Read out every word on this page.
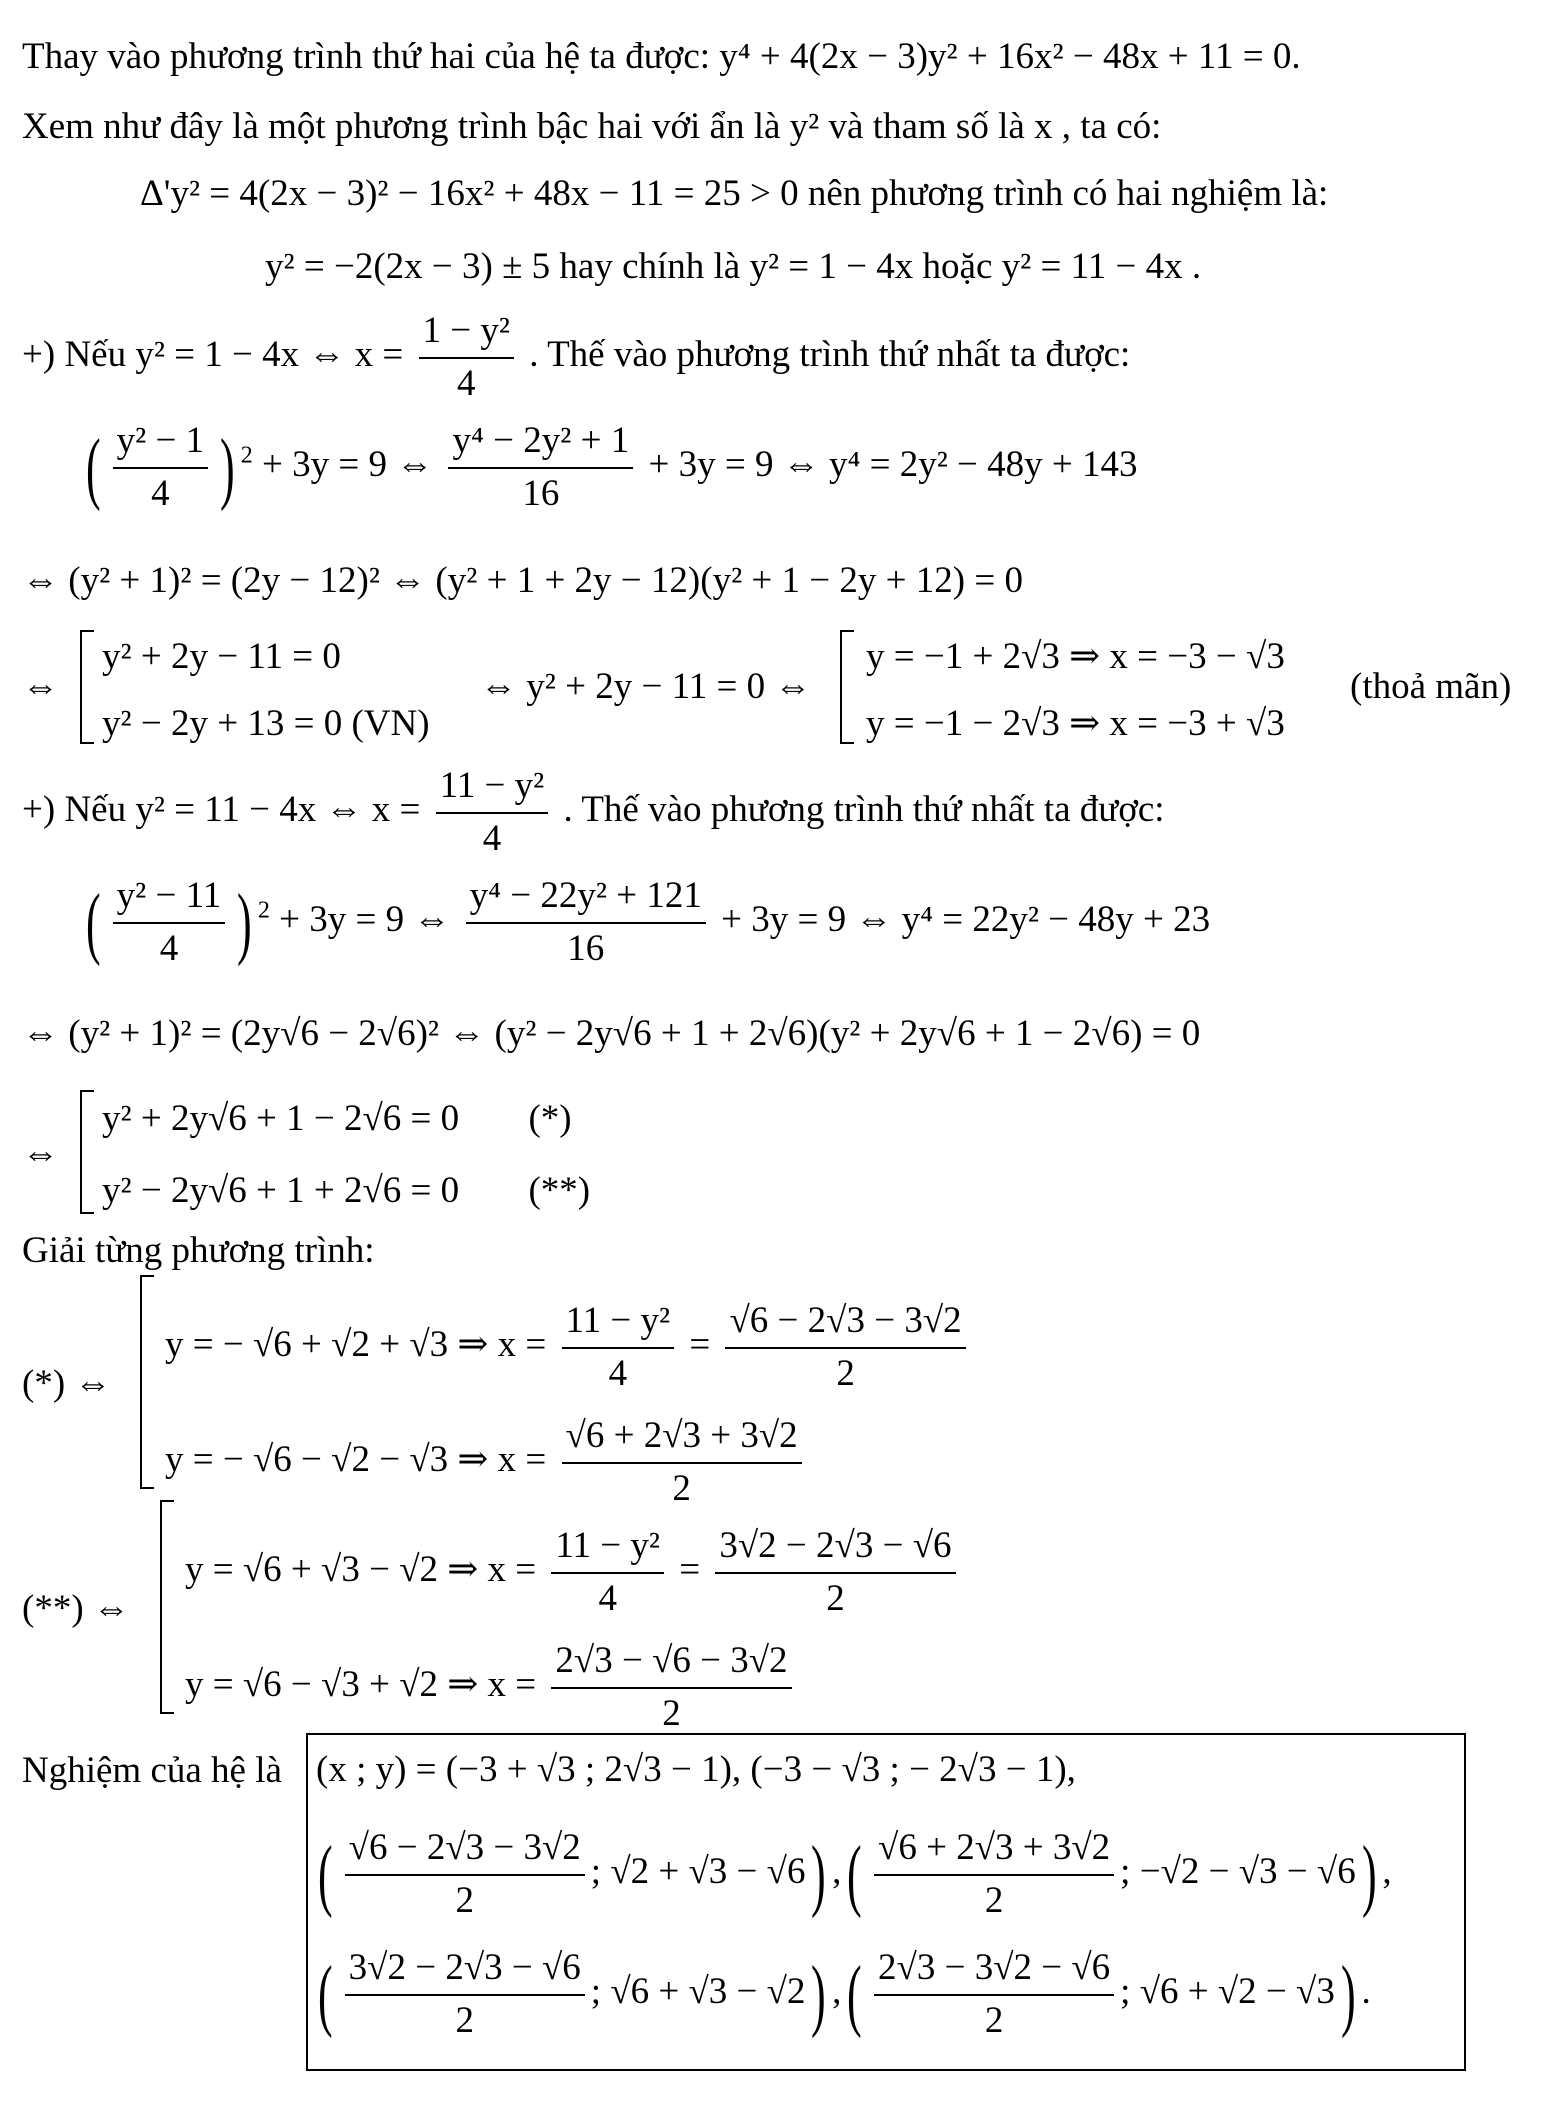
Thay vào phương trình thứ hai của hệ ta được: y⁴ + 4(2x − 3)y² + 16x² − 48x + 11 = 0.
Xem như đây là một phương trình bậc hai với ẩn là y² và tham số là x , ta có:
Δ'y² = 4(2x − 3)² − 16x² + 48x − 11 = 25 > 0 nên phương trình có hai nghiệm là:
y² = −2(2x − 3) ± 5 hay chính là y² = 1 − 4x hoặc y² = 11 − 4x .
+) Nếu y² = 1 − 4x ⇔ $x = \frac{\text{1 − y²}}{4}$ . Thế vào phương trình thứ nhất ta được:
( $\frac{\text{y² − 1}}{4}$ ) $^2$ + 3y = 9 ⇔ $\frac{\text{y⁴ − 2y² + 1}}{16} + 3y = 9$ ⇔ y⁴ = 2y² − 48y + 143
⇔ (y² + 1)² = (2y − 12)² ⇔ (y² + 1 + 2y − 12)(y² + 1 − 2y + 12) = 0
⇔
y² + 2y − 11 = 0
y² − 2y + 13 = 0 (VN)
⇔ y² + 2y − 11 = 0 ⇔
y = −1 + 2√3 ⇒ x = −3 − √3
y = −1 − 2√3 ⇒ x = −3 + √3
(thoả mãn)
+) Nếu y² = 11 − 4x ⇔ $x = \frac{\text{11 − y²}}{4}$ . Thế vào phương trình thứ nhất ta được:
( $\frac{\text{y² − 11}}{4}$ ) $^2$ + 3y = 9 ⇔ $\frac{\text{y⁴ − 22y² + 121}}{16} + 3y = 9$ ⇔ y⁴ = 22y² − 48y + 23
⇔ (y² + 1)² = (2y√6 − 2√6)² ⇔ (y² − 2y√6 + 1 + 2√6)(y² + 2y√6 + 1 − 2√6) = 0
⇔
y² + 2y√6 + 1 − 2√6 = 0 (*)
y² − 2y√6 + 1 + 2√6 = 0 (**)
Giải từng phương trình:
(*) ⇔
y = − √6 + √2 + √3 ⇒ $x = \frac{\text{11 − y²}}{4} = \frac{√6 - 2√3 - 3√2}{2}$
y = − √6 − √2 − √3 ⇒ $x = \frac{√6 + 2√3 + 3√2}{2}$
(**) ⇔
y = √6 + √3 − √2 ⇒ $x = \frac{\text{11 − y²}}{4} = \frac{3√2 - 2√3 - √6}{2}$
y = √6 − √3 + √2 ⇒ $x = \frac{2√3 - √6 - 3√2}{2}$
Nghiệm của hệ là (x ; y) = (−3 + √3 ; 2√3 − 1), (−3 − √3 ; − 2√3 − 1),
( $\frac{√6 - 2√3 - 3√2}{2}$ ; √2 + √3 − √6) ,( $\frac{√6 + 2√3 + 3√2}{2}$ ; −√2 − √3 − √6) ,
( $\frac{3√2 - 2√3 - √6}{2}$ ; √6 + √3 − √2) ,( $\frac{2√3 - 3√2 - √6}{2}$ ; √6 + √2 − √3) .
